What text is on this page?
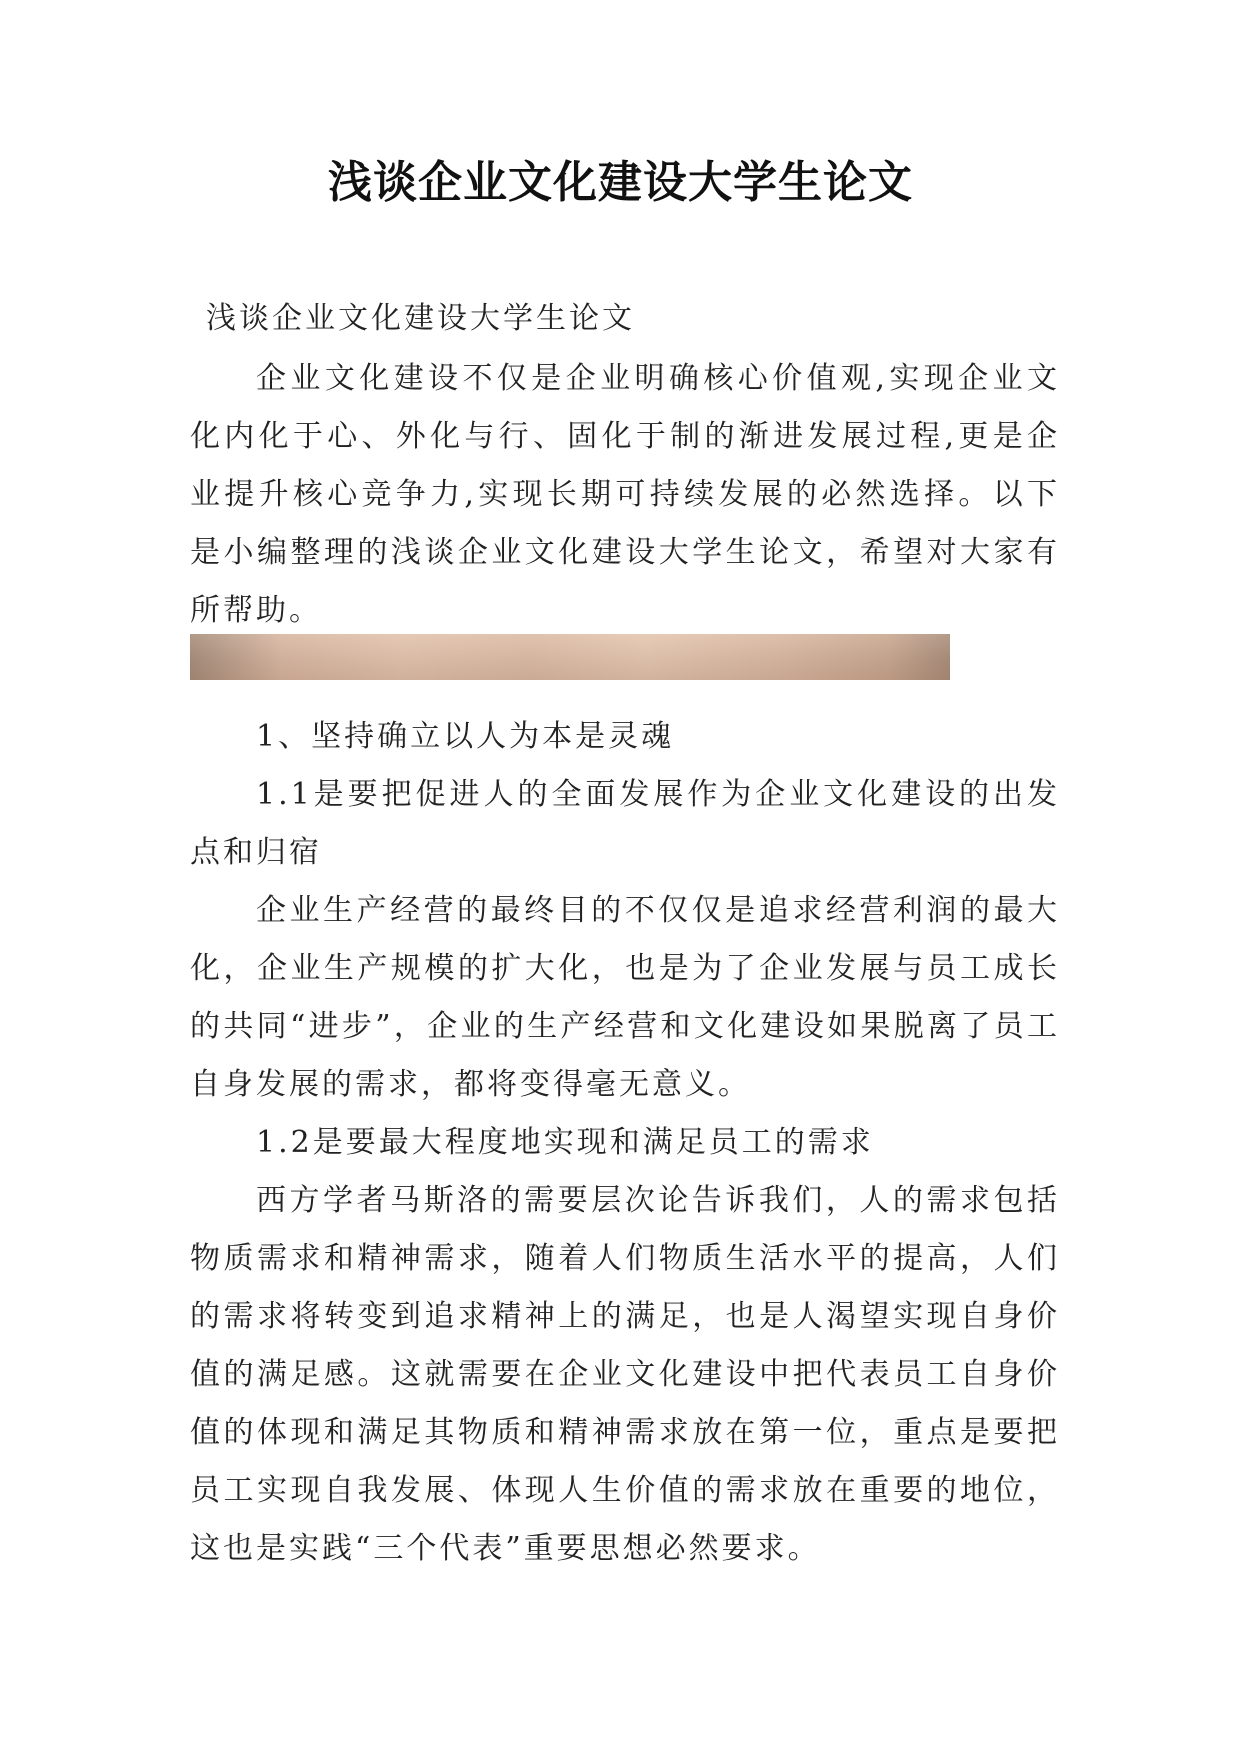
浅谈企业文化建设大学生论文

浅谈企业文化建设大学生论文

企业文化建设不仅是企业明确核心价值观,实现企业文化内化于心、外化与行、固化于制的渐进发展过程,更是企业提升核心竞争力,实现长期可持续发展的必然选择。以下是小编整理的浅谈企业文化建设大学生论文，希望对大家有所帮助。

1、坚持确立以人为本是灵魂

1.1是要把促进人的全面发展作为企业文化建设的出发点和归宿

企业生产经营的最终目的不仅仅是追求经营利润的最大化，企业生产规模的扩大化，也是为了企业发展与员工成长的共同“进步”，企业的生产经营和文化建设如果脱离了员工自身发展的需求，都将变得毫无意义。

1.2是要最大程度地实现和满足员工的需求

西方学者马斯洛的需要层次论告诉我们，人的需求包括物质需求和精神需求，随着人们物质生活水平的提高，人们的需求将转变到追求精神上的满足，也是人渴望实现自身价值的满足感。这就需要在企业文化建设中把代表员工自身价值的体现和满足其物质和精神需求放在第一位，重点是要把员工实现自我发展、体现人生价值的需求放在重要的地位，这也是实践“三个代表”重要思想必然要求。
